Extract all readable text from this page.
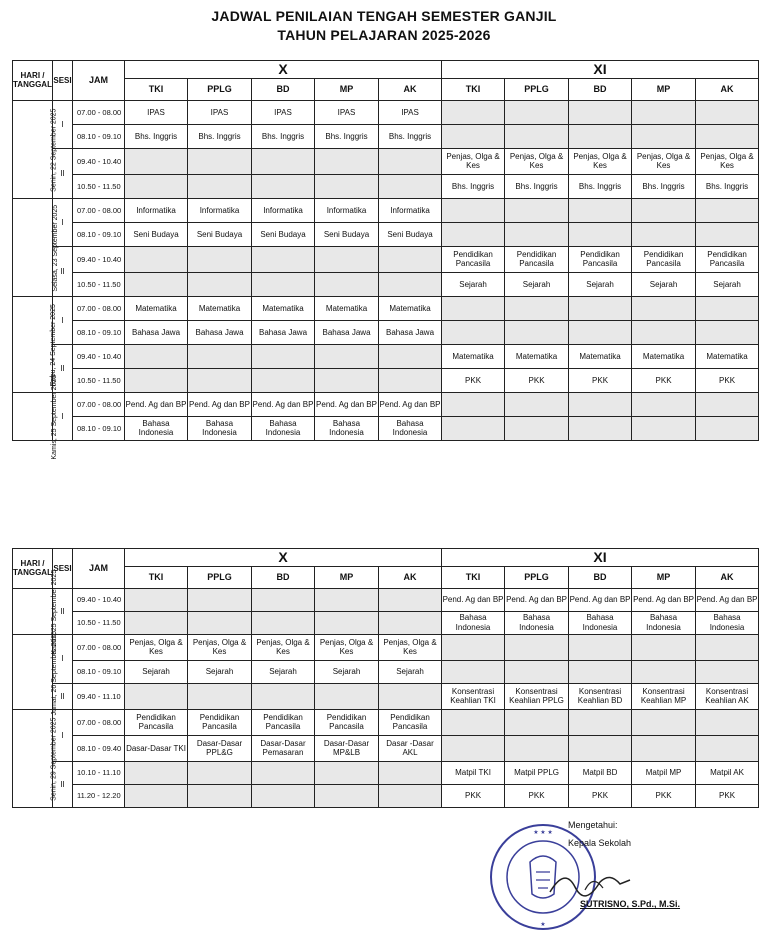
JADWAL PENILAIAN TENGAH SEMESTER GANJIL
TAHUN PELAJARAN 2025-2026
HARI / TANGGAL	SESI	JAM	X					XI				
			TKI	PPLG	BD	MP	AK	TKI	PPLG	BD	MP	AK
Senin, 22 September 2025	I	07.00 - 08.00	IPAS	IPAS	IPAS	IPAS	IPAS					
		08.10 - 09.10	Bhs. Inggris	Bhs. Inggris	Bhs. Inggris	Bhs. Inggris	Bhs. Inggris					
	II	09.40 - 10.40						Penjas, Olga & Kes	Penjas, Olga & Kes	Penjas, Olga & Kes	Penjas, Olga & Kes	Penjas, Olga & Kes
		10.50 - 11.50						Bhs. Inggris	Bhs. Inggris	Bhs. Inggris	Bhs. Inggris	Bhs. Inggris
Selasa, 23 September 2025	I	07.00 - 08.00	Informatika	Informatika	Informatika	Informatika	Informatika					
		08.10 - 09.10	Seni Budaya	Seni Budaya	Seni Budaya	Seni Budaya	Seni Budaya					
	II	09.40 - 10.40						Pendidikan Pancasila	Pendidikan Pancasila	Pendidikan Pancasila	Pendidikan Pancasila	Pendidikan Pancasila
		10.50 - 11.50						Sejarah	Sejarah	Sejarah	Sejarah	Sejarah
Rabu, 24 September 2025	I	07.00 - 08.00	Matematika	Matematika	Matematika	Matematika	Matematika					
		08.10 - 09.10	Bahasa Jawa	Bahasa Jawa	Bahasa Jawa	Bahasa Jawa	Bahasa Jawa					
	II	09.40 - 10.40						Matematika	Matematika	Matematika	Matematika	Matematika
		10.50 - 11.50						PKK	PKK	PKK	PKK	PKK
Kamis, 25 September 2025	I	07.00 - 08.00	Pend. Ag dan BP	Pend. Ag dan BP	Pend. Ag dan BP	Pend. Ag dan BP	Pend. Ag dan BP					
		08.10 - 09.10	Bahasa Indonesia	Bahasa Indonesia	Bahasa Indonesia	Bahasa Indonesia	Bahasa Indonesia					
HARI / TANGGAL	SESI	JAM	X					XI				
			TKI	PPLG	BD	MP	AK	TKI	PPLG	BD	MP	AK
Kamis, 25 September 2025	II	09.40 - 10.40						Pend. Ag dan BP	Pend. Ag dan BP	Pend. Ag dan BP	Pend. Ag dan BP	Pend. Ag dan BP
		10.50 - 11.50						Bahasa Indonesia	Bahasa Indonesia	Bahasa Indonesia	Bahasa Indonesia	Bahasa Indonesia
Jumat, 26 September 2025	I	07.00 - 08.00	Penjas, Olga & Kes	Penjas, Olga & Kes	Penjas, Olga & Kes	Penjas, Olga & Kes	Penjas, Olga & Kes					
		08.10 - 09.10	Sejarah	Sejarah	Sejarah	Sejarah	Sejarah					
	II	09.40 - 11.10						Konsentrasi Keahlian TKI	Konsentrasi Keahlian PPLG	Konsentrasi Keahlian BD	Konsentrasi Keahlian MP	Konsentrasi Keahlian AK
Senin, 29 September 2025	I	07.00 - 08.00	Pendidikan Pancasila	Pendidikan Pancasila	Pendidikan Pancasila	Pendidikan Pancasila	Pendidikan Pancasila					
		08.10 - 09.40	Dasar-Dasar TKI	Dasar-Dasar PPL&G	Dasar-Dasar Pemasaran	Dasar-Dasar MP&LB	Dasar -Dasar AKL					
	II	10.10 - 11.10						Matpil TKI	Matpil PPLG	Matpil BD	Matpil MP	Matpil AK
		11.20 - 12.20						PKK	PKK	PKK	PKK	PKK
★ ★ ★
★
Mengetahui:
Kepala Sekolah
SUTRISNO, S.Pd., M.Si.
